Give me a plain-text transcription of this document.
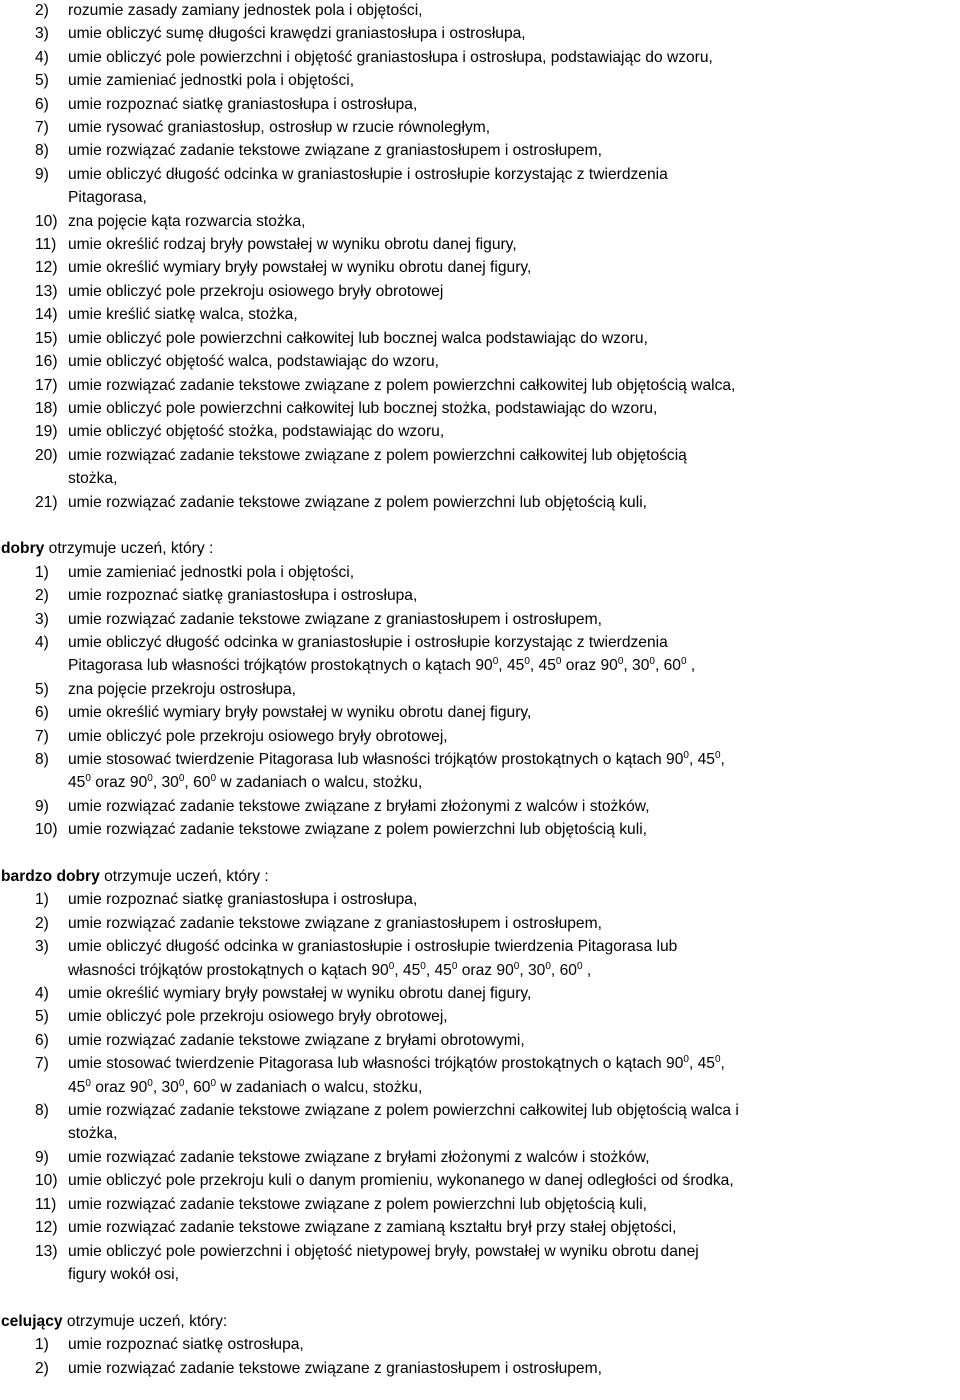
2)	rozumie zasady zamiany jednostek pola i objętości,
3)	umie obliczyć sumę długości krawędzi graniastosłupa i ostrosłupa,
4)	umie obliczyć pole powierzchni i objętość graniastosłupa i ostrosłupa, podstawiając do wzoru,
5)	umie zamieniać jednostki pola i objętości,
6)	umie rozpoznać siatkę graniastosłupa i ostrosłupa,
7)	umie rysować graniastosłup, ostrosłup w rzucie równoległym,
8)	umie rozwiązać zadanie tekstowe związane z graniastosłupem i ostrosłupem,
9)	umie obliczyć długość odcinka w graniastosłupie i ostrosłupie korzystając z twierdzenia
Pitagorasa,
10) zna pojęcie kąta rozwarcia stożka,
11) umie określić rodzaj bryły powstałej w wyniku obrotu danej figury,
12) umie określić wymiary bryły powstałej w wyniku obrotu danej figury,
13) umie obliczyć pole przekroju osiowego bryły obrotowej
14) umie kreślić siatkę walca, stożka,
15) umie obliczyć pole powierzchni całkowitej lub bocznej walca podstawiając do wzoru,
16) umie obliczyć objętość walca, podstawiając do wzoru,
17) umie rozwiązać zadanie tekstowe związane z polem powierzchni całkowitej lub objętością walca,
18) umie obliczyć pole powierzchni całkowitej lub bocznej stożka, podstawiając do wzoru,
19) umie obliczyć objętość stożka, podstawiając do wzoru,
20) umie rozwiązać zadanie tekstowe związane z polem powierzchni całkowitej lub objętością
stożka,
21) umie rozwiązać zadanie tekstowe związane z polem powierzchni lub objętością kuli,
dobry otrzymuje uczeń, który :
1)	umie zamieniać jednostki pola i objętości,
2)	umie rozpoznać siatkę graniastosłupa i ostrosłupa,
3)	umie rozwiązać zadanie tekstowe związane z graniastosłupem i ostrosłupem,
4)	umie obliczyć długość odcinka w graniastosłupie i ostrosłupie korzystając z twierdzenia
Pitagorasa lub własności trójkątów prostokątnych o kątach $90^0$, $45^0$, $45^0$ oraz $90^0$, $30^0$, $60^0$ ,
5)	zna pojęcie przekroju ostrosłupa,
6)	umie określić wymiary bryły powstałej w wyniku obrotu danej figury,
7)	umie obliczyć pole przekroju osiowego bryły obrotowej,
8)	umie stosować twierdzenie Pitagorasa lub własności trójkątów prostokątnych o kątach $90^0$, $45^0$,
$45^0$ oraz $90^0$, $30^0$, $60^0$ w zadaniach o walcu, stożku,
9)	umie rozwiązać zadanie tekstowe związane z bryłami złożonymi z walców i stożków,
10) umie rozwiązać zadanie tekstowe związane z polem powierzchni lub objętością kuli,
bardzo dobry otrzymuje uczeń, który :
1)	umie rozpoznać siatkę graniastosłupa i ostrosłupa,
2)	umie rozwiązać zadanie tekstowe związane z graniastosłupem i ostrosłupem,
3)	umie obliczyć długość odcinka w graniastosłupie i ostrosłupie twierdzenia Pitagorasa lub
własności trójkątów prostokątnych o kątach $90^0$, $45^0$, $45^0$ oraz $90^0$, $30^0$, $60^0$ ,
4)	umie określić wymiary bryły powstałej w wyniku obrotu danej figury,
5)	umie obliczyć pole przekroju osiowego bryły obrotowej,
6)	umie rozwiązać zadanie tekstowe związane z bryłami obrotowymi,
7)	umie stosować twierdzenie Pitagorasa lub własności trójkątów prostokątnych o kątach $90^0$, $45^0$,
$45^0$ oraz $90^0$, $30^0$, $60^0$ w zadaniach o walcu, stożku,
8)	umie rozwiązać zadanie tekstowe związane z polem powierzchni całkowitej lub objętością walca i
stożka,
9)	umie rozwiązać zadanie tekstowe związane z bryłami złożonymi z walców i stożków,
10) umie obliczyć pole przekroju kuli o danym promieniu, wykonanego w danej odległości od środka,
11) umie rozwiązać zadanie tekstowe związane z polem powierzchni lub objętością kuli,
12) umie rozwiązać zadanie tekstowe związane z zamianą kształtu brył przy stałej objętości,
13) umie obliczyć pole powierzchni i objętość nietypowej bryły, powstałej w wyniku obrotu danej
figury wokół osi,
celujący otrzymuje uczeń, który:
1)	umie rozpoznać siatkę ostrosłupa,
2)	umie rozwiązać zadanie tekstowe związane z graniastosłupem i ostrosłupem,
